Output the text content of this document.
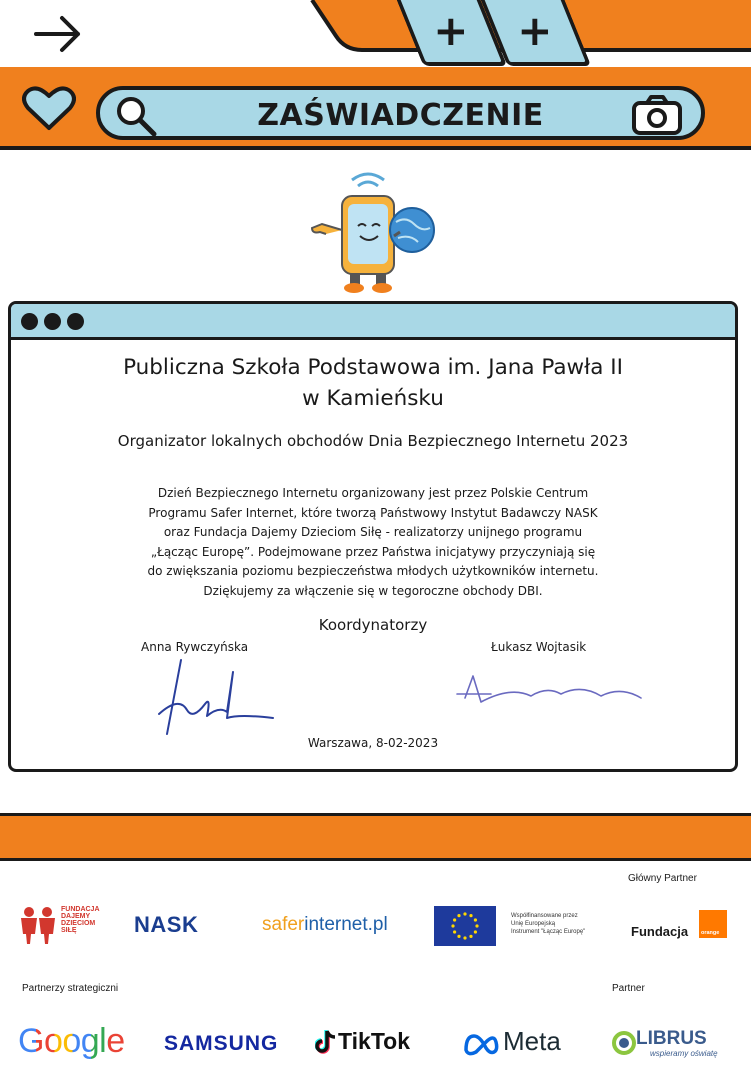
+ +
ZAŚWIADCZENIE
Publiczna Szkoła Podstawowa im. Jana Pawła II
w Kamieńsku
Organizator lokalnych obchodów Dnia Bezpiecznego Internetu 2023
Dzień Bezpiecznego Internetu organizowany jest przez Polskie Centrum
Programu Safer Internet, które tworzą Państwowy Instytut Badawczy NASK
oraz Fundacja Dajemy Dzieciom Siłę - realizatorzy unijnego programu
„Łącząc Europę”. Podejmowane przez Państwa inicjatywy przyczyniają się
do zwiększania poziomu bezpieczeństwa młodych użytkowników internetu.
Dziękujemy za włączenie się w tegoroczne obchody DBI.
Koordynatorzy
Anna Rywczyńska	Łukasz Wojtasik
Warszawa, 8-02-2023
Główny Partner
FUNDACJA
DAJEMY
DZIECIOM
SIŁĘ	NASK	saferinternet.pl	Współfinansowane przez
Unię Europejską
Instrument "Łącząc Europę"	Fundacja orange
Partnerzy strategiczni	Partner
Google SAMSUNG	TikTok	Meta	LIBRUS
wspieramy oświatę
